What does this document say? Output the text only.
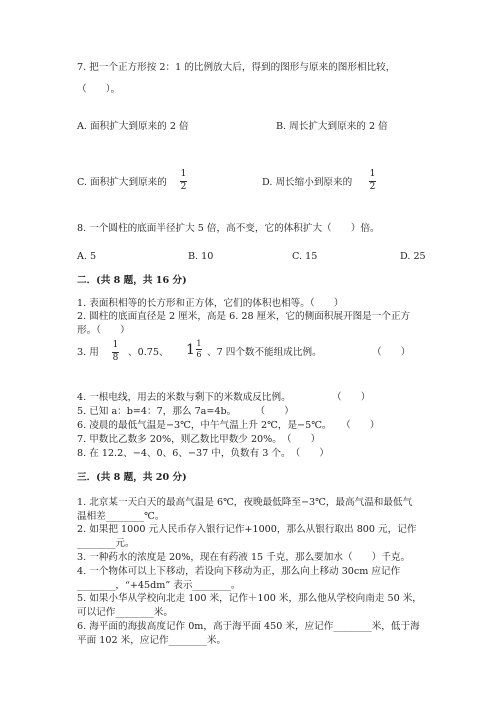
7. 把一个正方形按 2：1 的比例放大后，得到的图形与原来的图形相比较，
（　　）。
A. 面积扩大到原来的 2 倍	B. 周长扩大到原来的 2 倍
C. 面积扩大到原来的
1
2	D. 周长缩小到原来的
1
2
8. 一个圆柱的底面半径扩大 5 倍，高不变，它的体积扩大（　　）倍。
A. 5	B. 10	C. 15	D. 25
二．(共 8 题，共 16 分)
1. 表面积相等的长方形和正方体，它们的体积也相等。（　　）
2. 圆柱的底面直径是 2 厘米，高是 6. 28 厘米，它的侧面积展开图是一个正方
形。（　　）
3. 用
1
8 、0.75、 1 1
6 、7 四个数不能组成比例。	（　　）
4. 一根电线，用去的米数与剩下的米数成反比例。	（　　）
5. 已知 a：b=4：7，那么 7a=4b。　　　（　　）
6. 凌晨的最低气温是−3℃，中午气温上升 2℃，是−5℃。　　（　　）
7. 甲数比乙数多 20%，则乙数比甲数少 20%。　（　　）
8. 在 12.2、−4、0、6、−37 中，负数有 3 个。　（　　）
三．(共 8 题，共 20 分)
1. 北京某一天白天的最高气温是 6℃，夜晚最低降至−3℃，最高气温和最低气
温相差________℃。
2. 如果把 1000 元人民币存入银行记作+1000，那么从银行取出 800 元，记作
________元。
3. 一种药水的浓度是 20%，现在有药液 15 千克，那么要加水（　　）千克。
4. 一个物体可以上下移动，若设向下移动为正，那么向上移动 30cm 应记作
________，“+45dm” 表示________。
5. 如果小华从学校向北走 100 米，记作＋100 米，那么他从学校向南走 50 米，
可以记作________米。
6. 海平面的海拔高度记作 0m，高于海平面 450 米，应记作________米，低于海
平面 102 米，应记作________米。
